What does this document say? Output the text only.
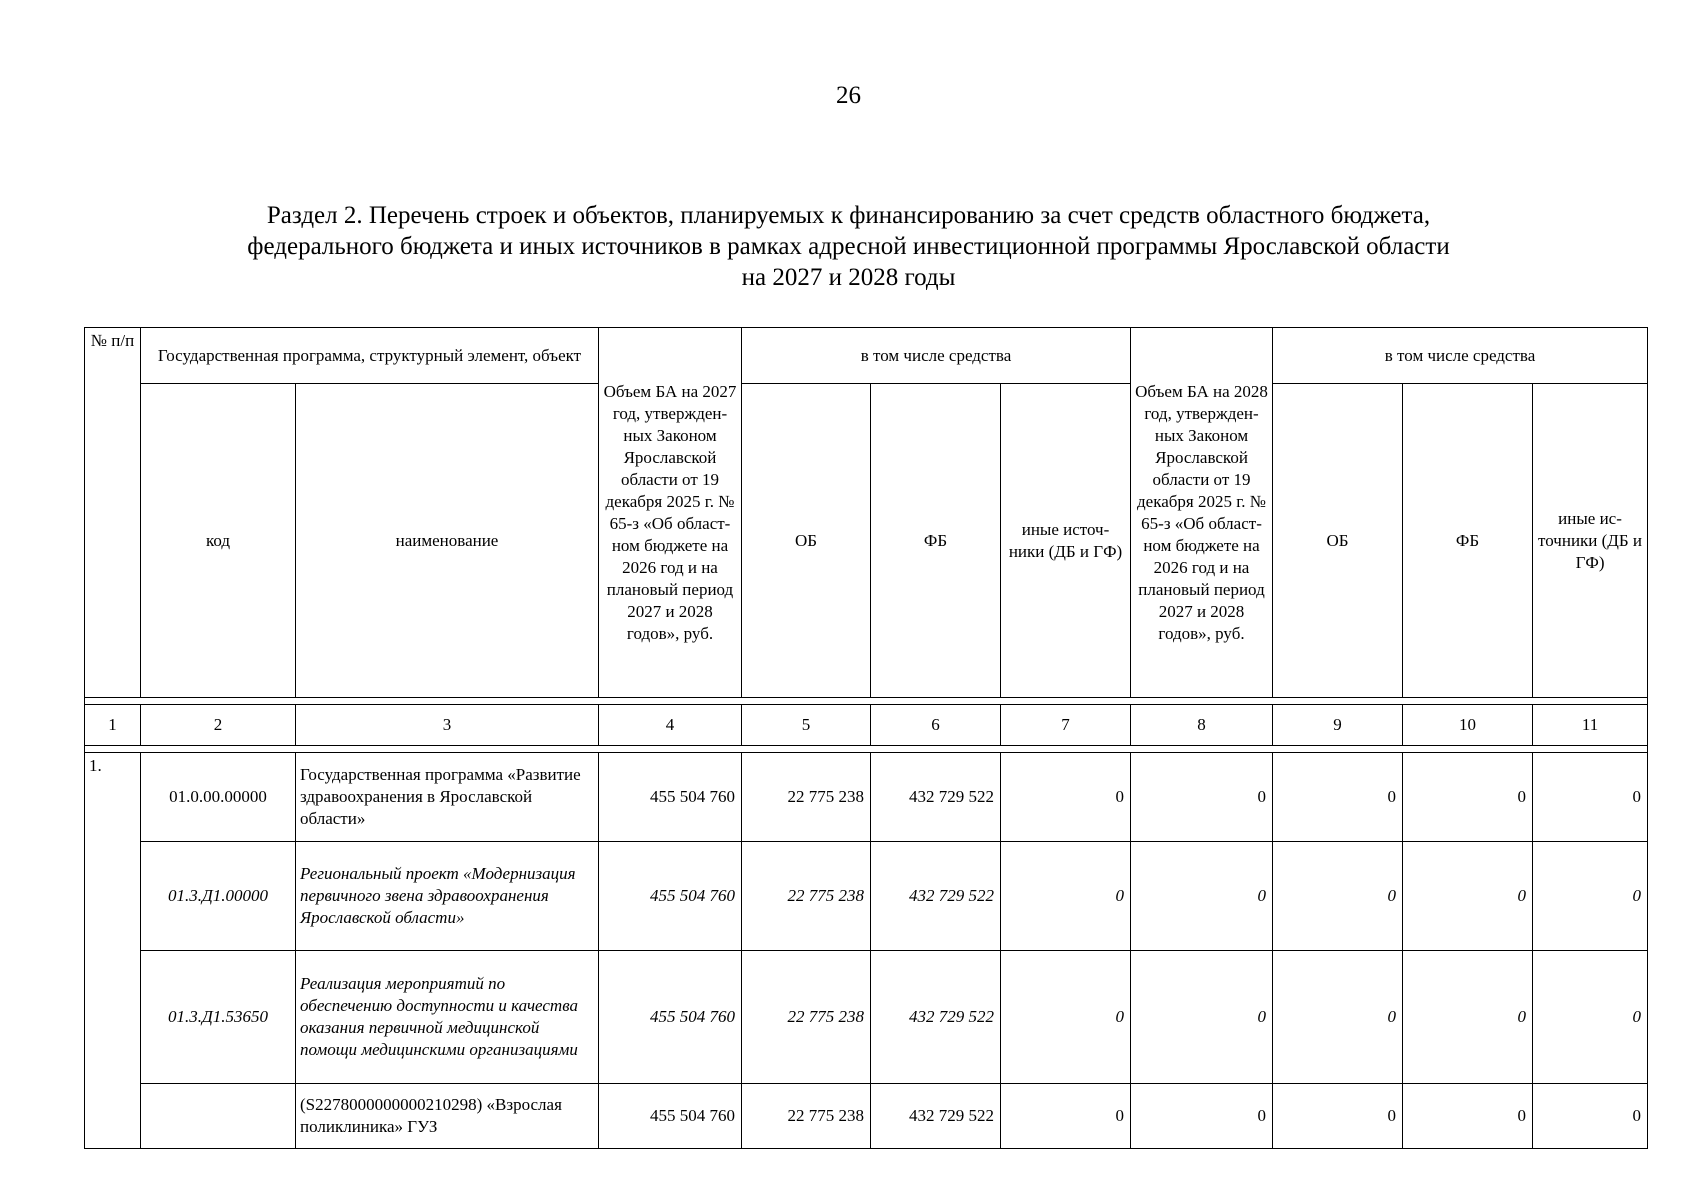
26
Раздел 2. Перечень строек и объектов, планируемых к финансированию за счет средств областного бюджета,
федерального бюджета и иных источников в рамках адресной инвестиционной программы Ярославской области
на 2027 и 2028 годы
№ п/п	Государственная программа, структурный элемент, объект		Объем БА на 2027 год, утвержден-ных Законом Ярославской области от 19 декабря 2025 г. № 65-з «Об област-ном бюджете на 2026 год и на плановый период 2027 и 2028 годов», руб.	в том числе средства			Объем БА на 2028 год, утвержден-ных Законом Ярославской области от 19 декабря 2025 г. № 65-з «Об област-ном бюджете на 2026 год и на плановый период 2027 и 2028 годов», руб.	в том числе средства		
	код	наименование		ОБ	ФБ	иные источ-ники (ДБ и ГФ)		ОБ	ФБ	иные ис-точники (ДБ и ГФ)

1	2	3	4	5	6	7	8	9	10	11

1.	01.0.00.00000	Государственная программа «Развитие здравоохранения в Ярославской области»	455 504 760	22 775 238	432 729 522	0	0	0	0	0
	01.3.Д1.00000	Региональный проект «Модернизация первичного звена здравоохранения Ярославской области»	455 504 760	22 775 238	432 729 522	0	0	0	0	0
	01.3.Д1.53650	Реализация мероприятий по обеспечению доступности и качества оказания первичной медицинской помощи медицинскими организациями	455 504 760	22 775 238	432 729 522	0	0	0	0	0
		(S2278000000000210298) «Взрослая поликлиника» ГУЗ	455 504 760	22 775 238	432 729 522	0	0	0	0	0
